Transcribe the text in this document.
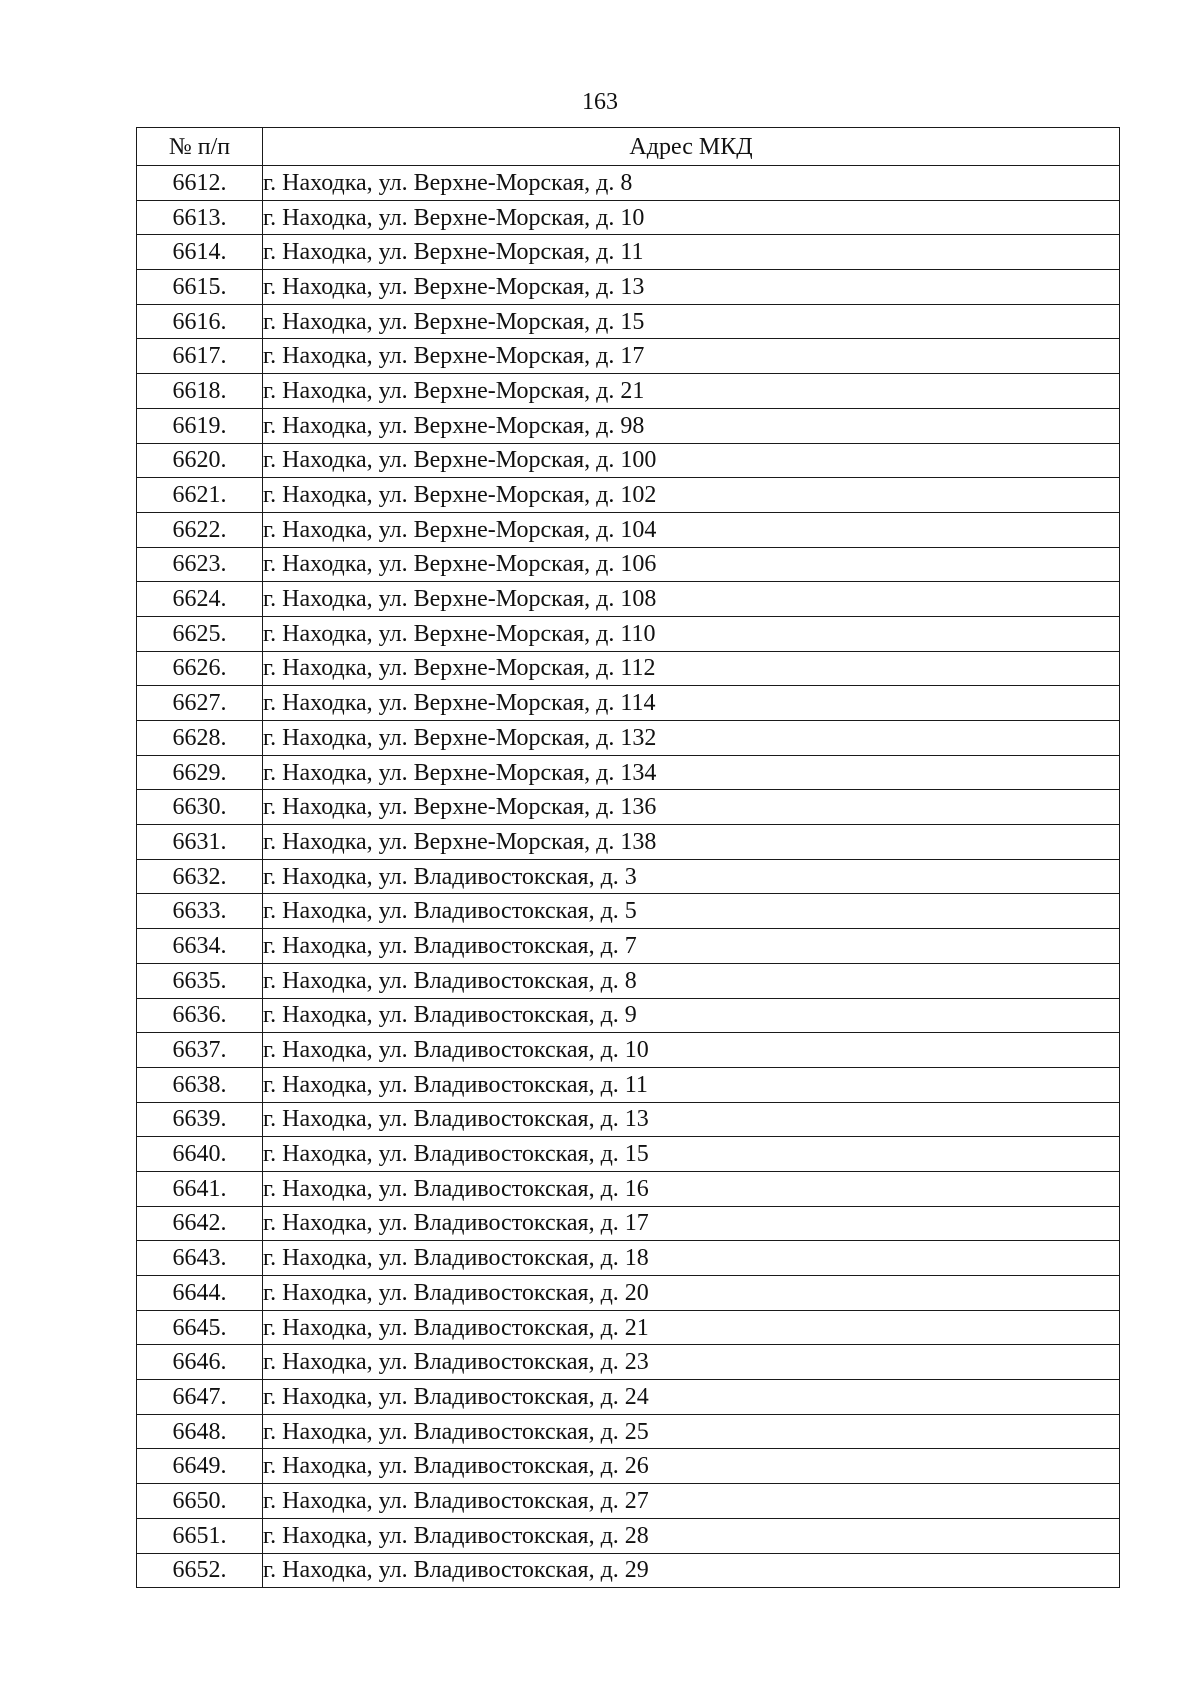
163
№ п/п	Адрес МКД
6612.	г. Находка, ул. Верхне-Морская, д. 8
6613.	г. Находка, ул. Верхне-Морская, д. 10
6614.	г. Находка, ул. Верхне-Морская, д. 11
6615.	г. Находка, ул. Верхне-Морская, д. 13
6616.	г. Находка, ул. Верхне-Морская, д. 15
6617.	г. Находка, ул. Верхне-Морская, д. 17
6618.	г. Находка, ул. Верхне-Морская, д. 21
6619.	г. Находка, ул. Верхне-Морская, д. 98
6620.	г. Находка, ул. Верхне-Морская, д. 100
6621.	г. Находка, ул. Верхне-Морская, д. 102
6622.	г. Находка, ул. Верхне-Морская, д. 104
6623.	г. Находка, ул. Верхне-Морская, д. 106
6624.	г. Находка, ул. Верхне-Морская, д. 108
6625.	г. Находка, ул. Верхне-Морская, д. 110
6626.	г. Находка, ул. Верхне-Морская, д. 112
6627.	г. Находка, ул. Верхне-Морская, д. 114
6628.	г. Находка, ул. Верхне-Морская, д. 132
6629.	г. Находка, ул. Верхне-Морская, д. 134
6630.	г. Находка, ул. Верхне-Морская, д. 136
6631.	г. Находка, ул. Верхне-Морская, д. 138
6632.	г. Находка, ул. Владивостокская, д. 3
6633.	г. Находка, ул. Владивостокская, д. 5
6634.	г. Находка, ул. Владивостокская, д. 7
6635.	г. Находка, ул. Владивостокская, д. 8
6636.	г. Находка, ул. Владивостокская, д. 9
6637.	г. Находка, ул. Владивостокская, д. 10
6638.	г. Находка, ул. Владивостокская, д. 11
6639.	г. Находка, ул. Владивостокская, д. 13
6640.	г. Находка, ул. Владивостокская, д. 15
6641.	г. Находка, ул. Владивостокская, д. 16
6642.	г. Находка, ул. Владивостокская, д. 17
6643.	г. Находка, ул. Владивостокская, д. 18
6644.	г. Находка, ул. Владивостокская, д. 20
6645.	г. Находка, ул. Владивостокская, д. 21
6646.	г. Находка, ул. Владивостокская, д. 23
6647.	г. Находка, ул. Владивостокская, д. 24
6648.	г. Находка, ул. Владивостокская, д. 25
6649.	г. Находка, ул. Владивостокская, д. 26
6650.	г. Находка, ул. Владивостокская, д. 27
6651.	г. Находка, ул. Владивостокская, д. 28
6652.	г. Находка, ул. Владивостокская, д. 29
